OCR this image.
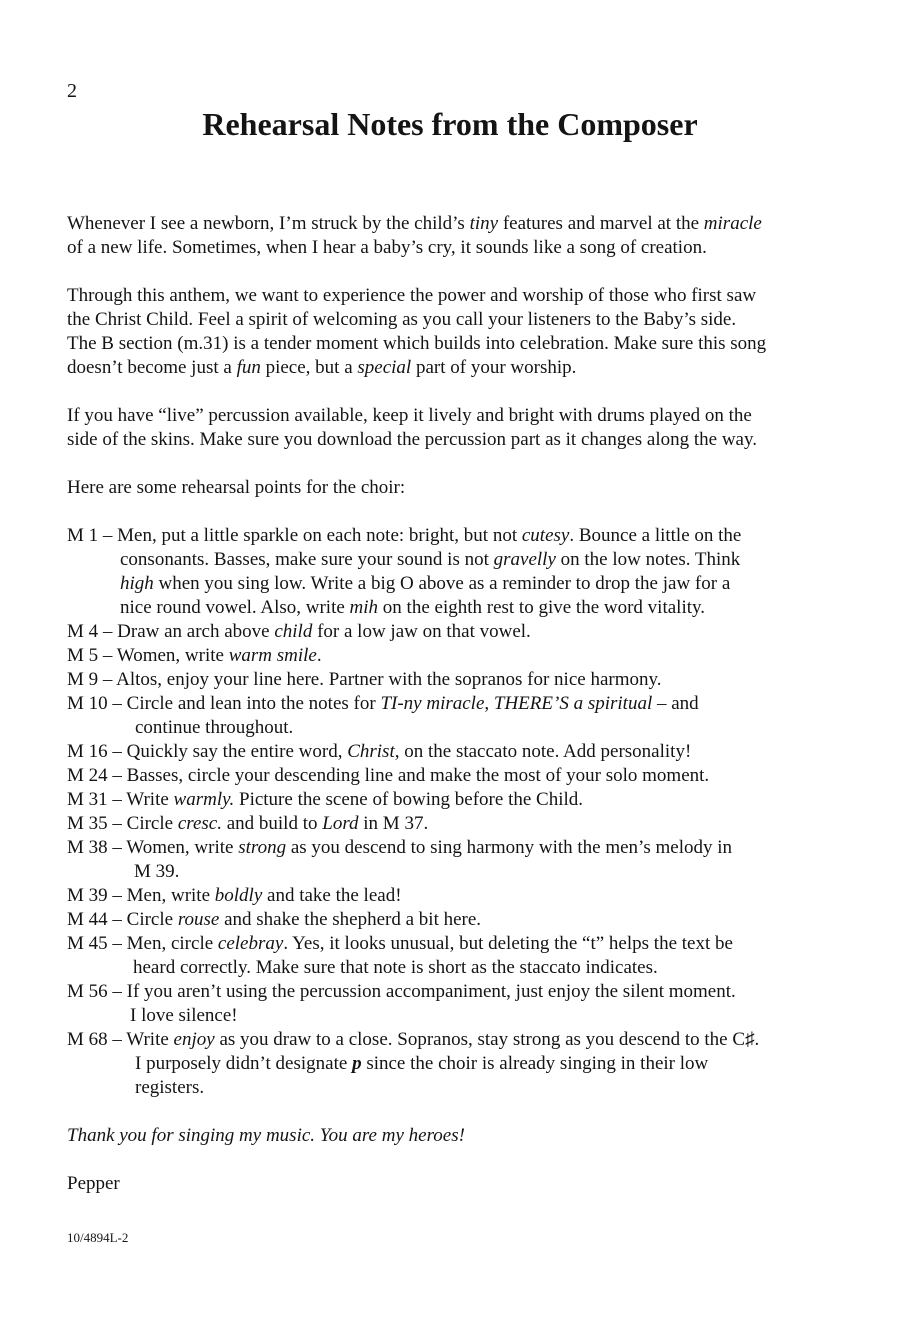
2
Rehearsal Notes from the Composer

Whenever I see a newborn, I’m struck by the child’s tiny features and marvel at the miracle
of a new life. Sometimes, when I hear a baby’s cry, it sounds like a song of creation.

Through this anthem, we want to experience the power and worship of those who first saw
the Christ Child. Feel a spirit of welcoming as you call your listeners to the Baby’s side.
The B section (m.31) is a tender moment which builds into celebration. Make sure this song
doesn’t become just a fun piece, but a special part of your worship.

If you have “live” percussion available, keep it lively and bright with drums played on the
side of the skins. Make sure you download the percussion part as it changes along the way.

Here are some rehearsal points for the choir:

M 1 – Men, put a little sparkle on each note: bright, but not cutesy. Bounce a little on the
consonants. Basses, make sure your sound is not gravelly on the low notes. Think
high when you sing low. Write a big O above as a reminder to drop the jaw for a
nice round vowel. Also, write mih on the eighth rest to give the word vitality.
M 4 – Draw an arch above child for a low jaw on that vowel.
M 5 – Women, write warm smile.
M 9 – Altos, enjoy your line here. Partner with the sopranos for nice harmony.
M 10 – Circle and lean into the notes for TI-ny miracle, THERE’S a spiritual – and
continue throughout.
M 16 – Quickly say the entire word, Christ, on the staccato note. Add personality!
M 24 – Basses, circle your descending line and make the most of your solo moment.
M 31 – Write warmly. Picture the scene of bowing before the Child.
M 35 – Circle cresc. and build to Lord in M 37.
M 38 – Women, write strong as you descend to sing harmony with the men’s melody in
M 39.
M 39 – Men, write boldly and take the lead!
M 44 – Circle rouse and shake the shepherd a bit here.
M 45 – Men, circle celebray. Yes, it looks unusual, but deleting the “t” helps the text be
heard correctly. Make sure that note is short as the staccato indicates.
M 56 – If you aren’t using the percussion accompaniment, just enjoy the silent moment.
I love silence!
M 68 – Write enjoy as you draw to a close. Sopranos, stay strong as you descend to the C♯.
I purposely didn’t designate p since the choir is already singing in their low
registers.

Thank you for singing my music. You are my heroes!

Pepper

10/4894L-2
